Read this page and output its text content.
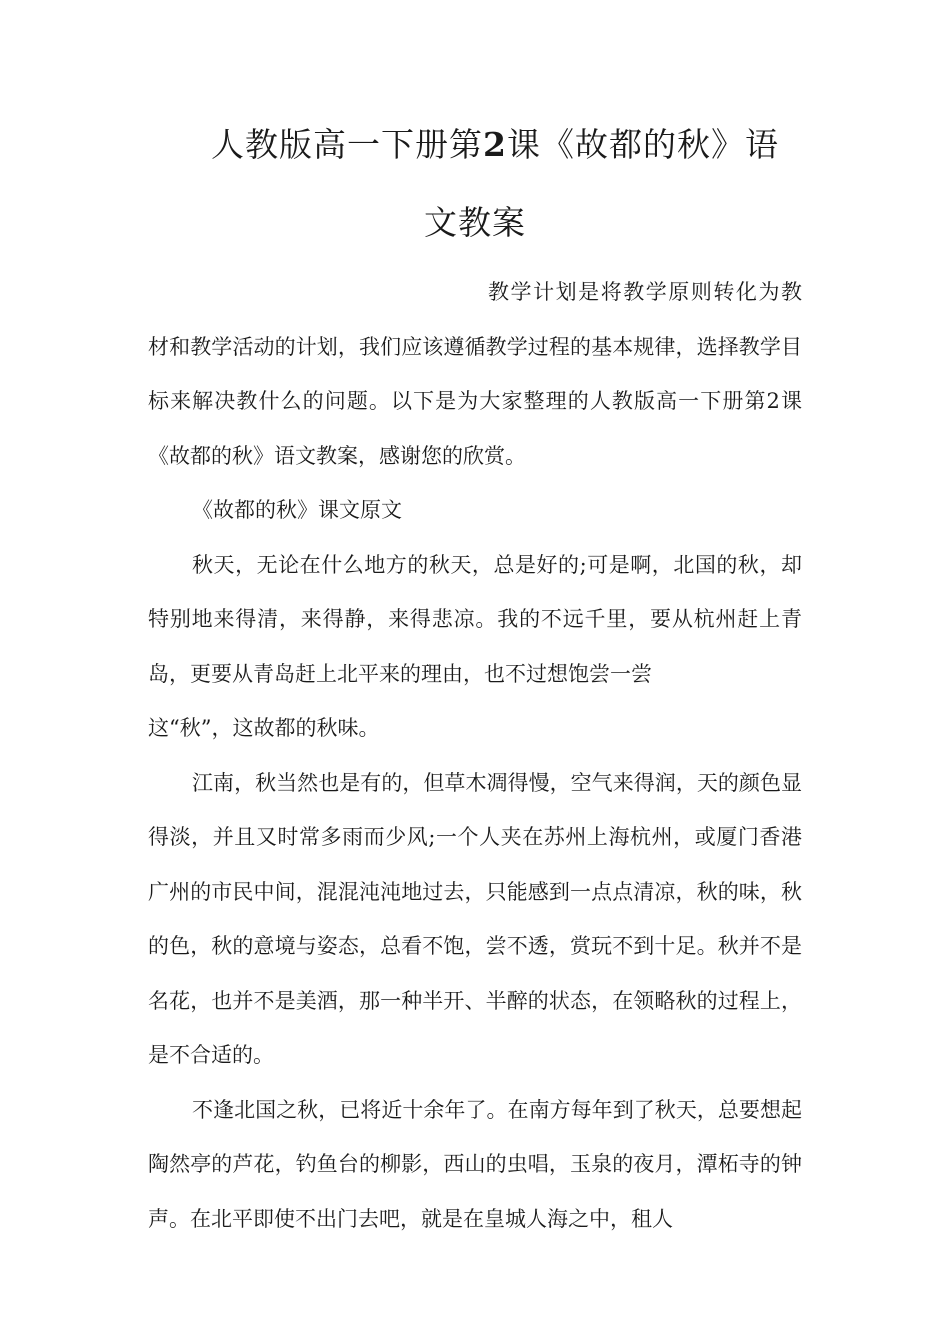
人教版高一下册第2课《故都的秋》语
文教案

教学计划是将教学原则转化为教材和教学活动的计划，我们应该遵循教学过程的基本规律，选择教学目标来解决教什么的问题。以下是为大家整理的人教版高一下册第2课《故都的秋》语文教案，感谢您的欣赏。

《故都的秋》课文原文

秋天，无论在什么地方的秋天，总是好的;可是啊，北国的秋，却特别地来得清，来得静，来得悲凉。我的不远千里，要从杭州赶上青岛，更要从青岛赶上北平来的理由，也不过想饱尝一尝

这“秋”，这故都的秋味。

江南，秋当然也是有的，但草木凋得慢，空气来得润，天的颜色显得淡，并且又时常多雨而少风;一个人夹在苏州上海杭州，或厦门香港广州的市民中间，混混沌沌地过去，只能感到一点点清凉，秋的味，秋的色，秋的意境与姿态，总看不饱，尝不透，赏玩不到十足。秋并不是名花，也并不是美酒，那一种半开、半醉的状态，在领略秋的过程上，是不合适的。

不逢北国之秋，已将近十余年了。在南方每年到了秋天，总要想起陶然亭的芦花，钓鱼台的柳影，西山的虫唱，玉泉的夜月，潭柘寺的钟声。在北平即使不出门去吧，就是在皇城人海之中，租人
